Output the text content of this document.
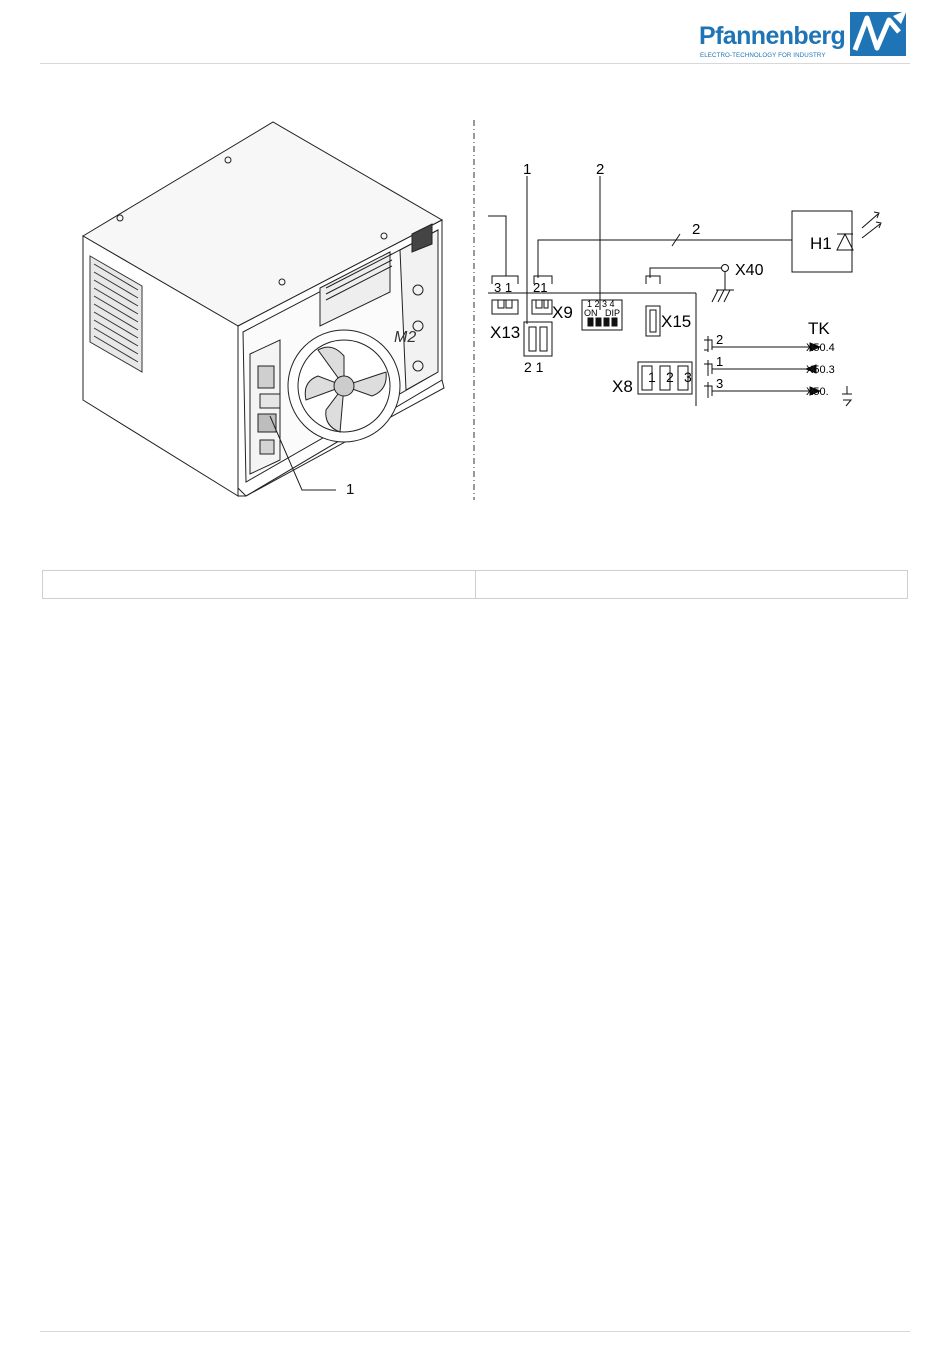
Pfannenberg
ELECTRO-TECHNOLOGY FOR INDUSTRY
M2
1
1	2
2
H1
X40
3 1
X13
2 1
21
X9 1 2 3 4
ON DIP X15	TK
X8 1 2 3
2
1
3
X50.4
X50.3
X50.
